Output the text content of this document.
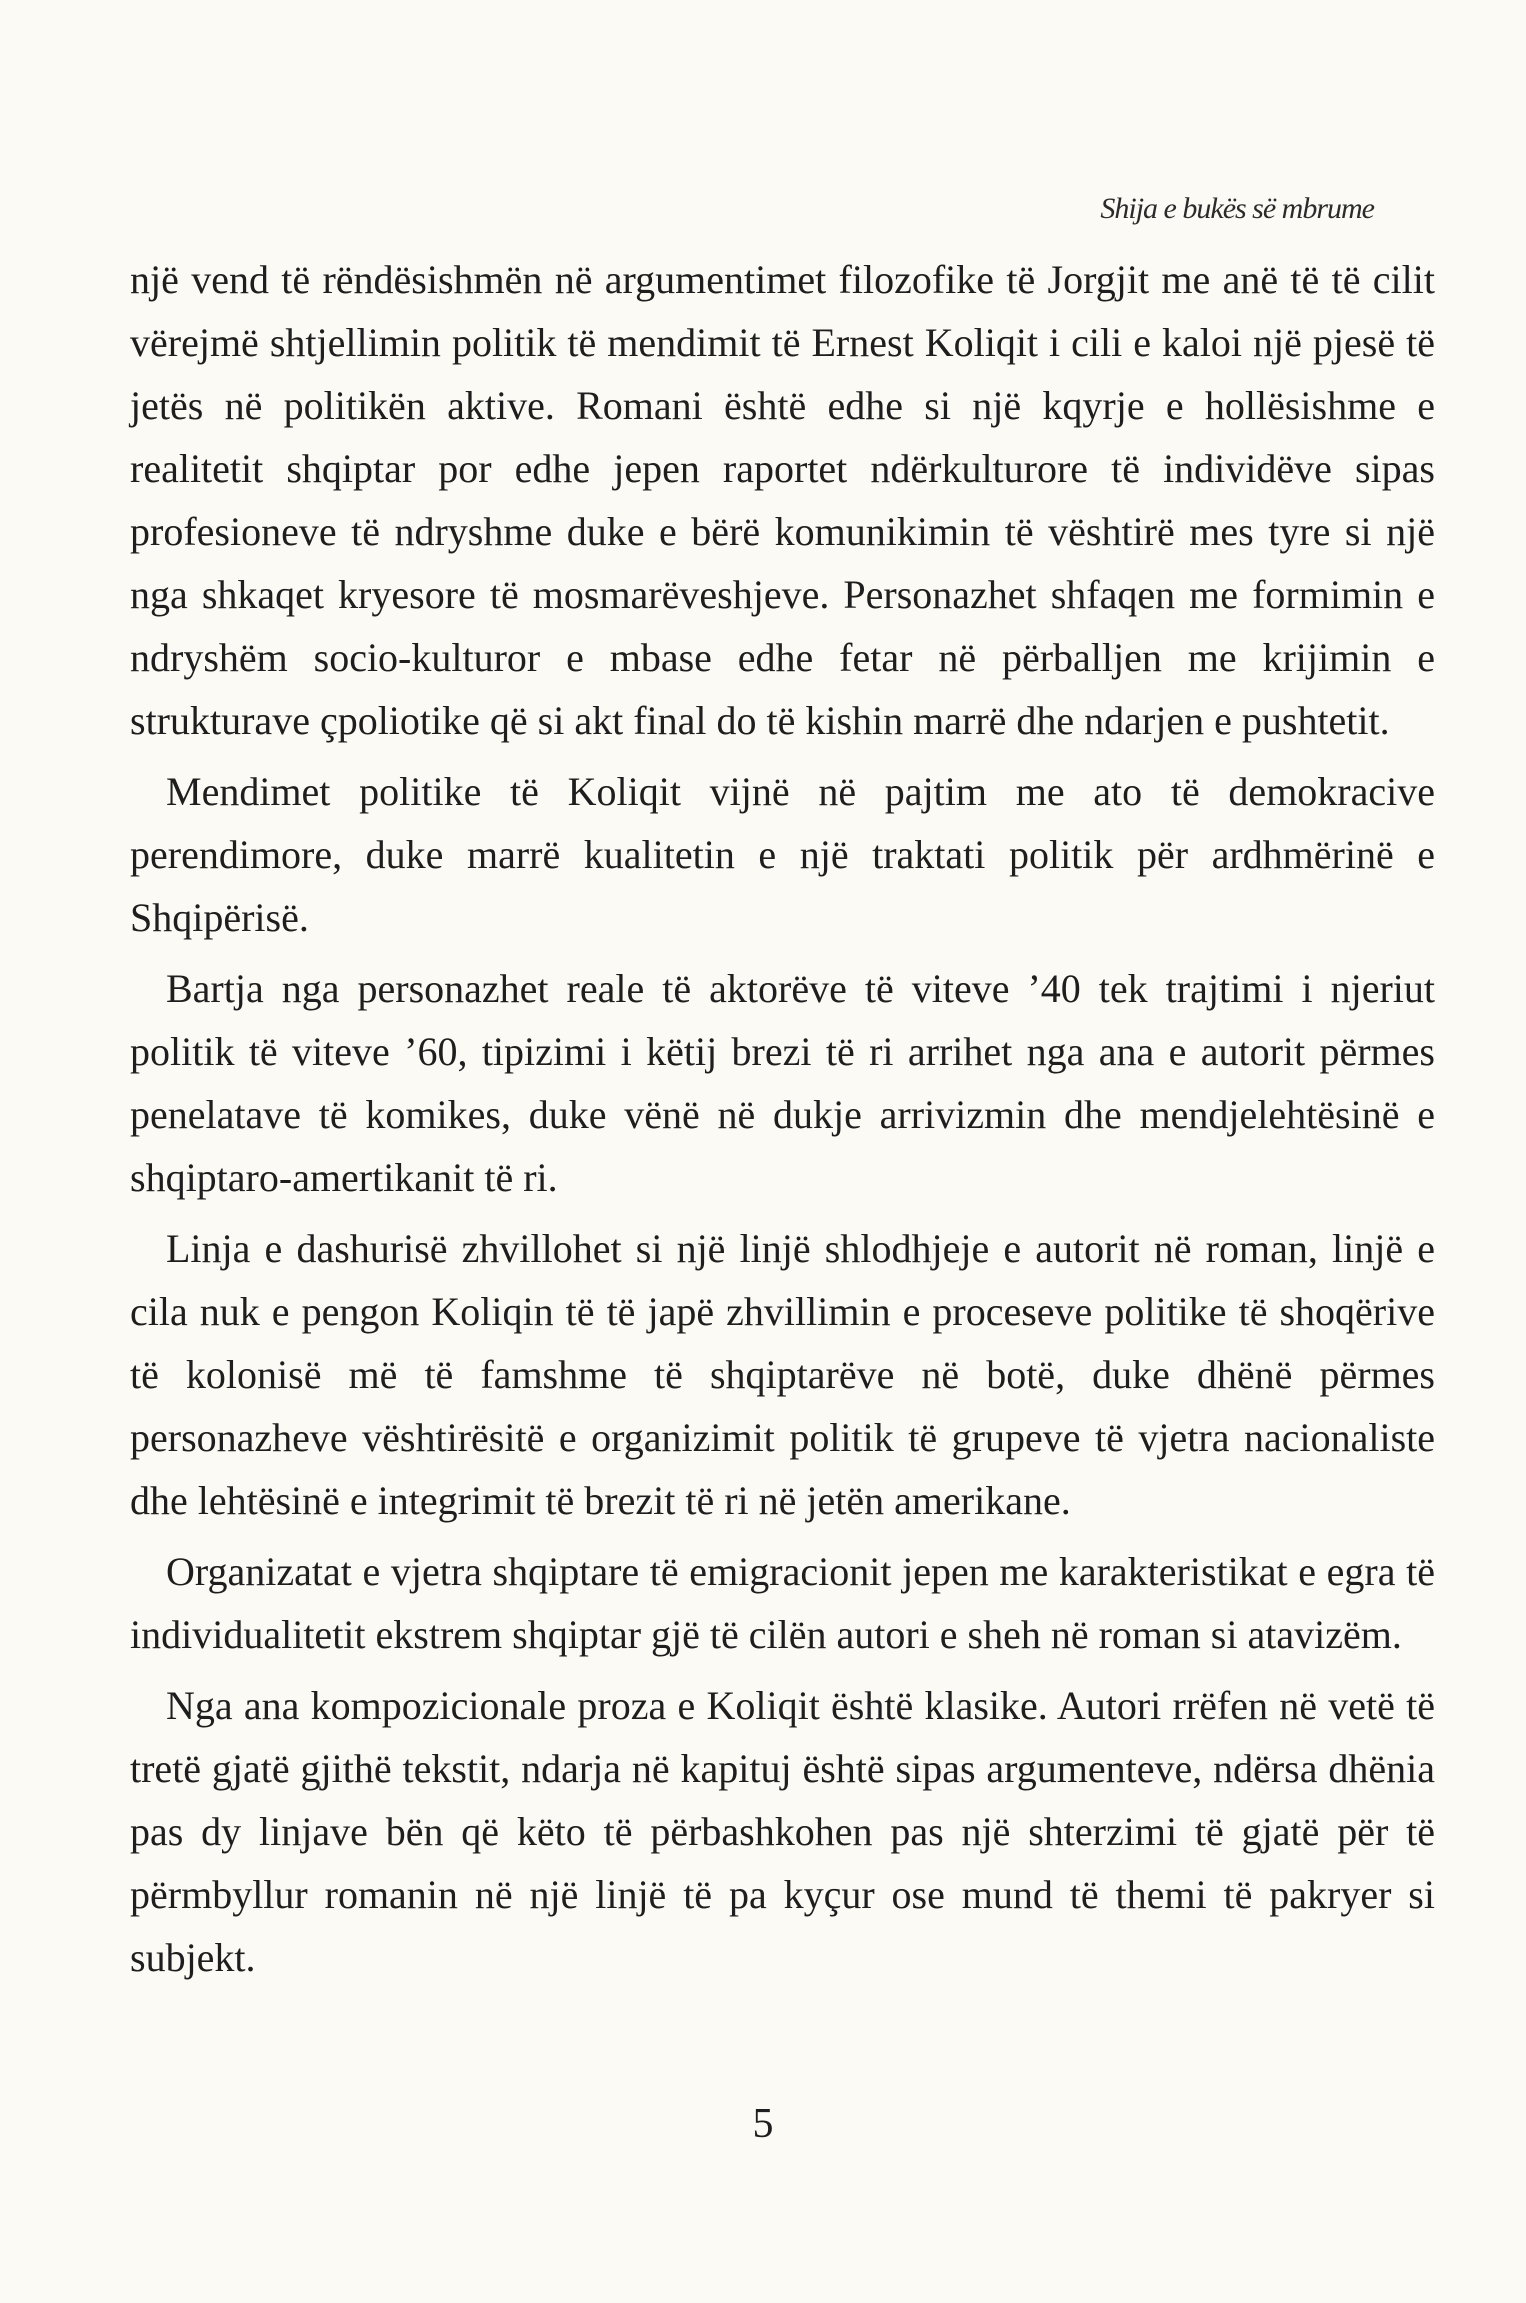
Shija e bukës së mbrume

një vend të rëndësishmën në argumentimet filozofike të Jorgjit me anë të të cilit vërejmë shtjellimin politik të mendimit të Ernest Koliqit i cili e kaloi një pjesë të jetës në politikën aktive. Romani është edhe si një kqyrje e hollësishme e realitetit shqiptar por edhe jepen raportet ndërkulturore të individëve sipas profesioneve të ndryshme duke e bërë komunikimin të vështirë mes tyre si një nga shkaqet kryesore të mosmarëveshjeve. Personazhet shfaqen me formimin e ndryshëm socio-kulturor e mbase edhe fetar në përballjen me krijimin e strukturave çpoliotike që si akt final do të kishin marrë dhe ndarjen e pushtetit.

Mendimet politike të Koliqit vijnë në pajtim me ato të demokracive perendimore, duke marrë kualitetin e një traktati politik për ardhmërinë e Shqipërisë.

Bartja nga personazhet reale të aktorëve të viteve ’40 tek trajtimi i njeriut politik të viteve ’60, tipizimi i këtij brezi të ri arrihet nga ana e autorit përmes penelatave të komikes, duke vënë në dukje arrivizmin dhe mendjelehtësinë e shqiptaro-amertikanit të ri.

Linja e dashurisë zhvillohet si një linjë shlodhjeje e autorit në roman, linjë e cila nuk e pengon Koliqin të të japë zhvillimin e proceseve politike të shoqërive të kolonisë më të famshme të shqiptarëve në botë, duke dhënë përmes personazheve vështirësitë e organizimit politik të grupeve të vjetra nacionaliste dhe lehtësinë e integrimit të brezit të ri në jetën amerikane.

Organizatat e vjetra shqiptare të emigracionit jepen me karakteristikat e egra të individualitetit ekstrem shqiptar gjë të cilën autori e sheh në roman si atavizëm.

Nga ana kompozicionale proza e Koliqit është klasike. Autori rrëfen në vetë të tretë gjatë gjithë tekstit, ndarja në kapituj është sipas argumenteve, ndërsa dhënia pas dy linjave bën që këto të përbashkohen pas një shterzimi të gjatë për të përmbyllur romanin në një linjë të pa kyçur ose mund të themi të pakryer si subjekt.

5
